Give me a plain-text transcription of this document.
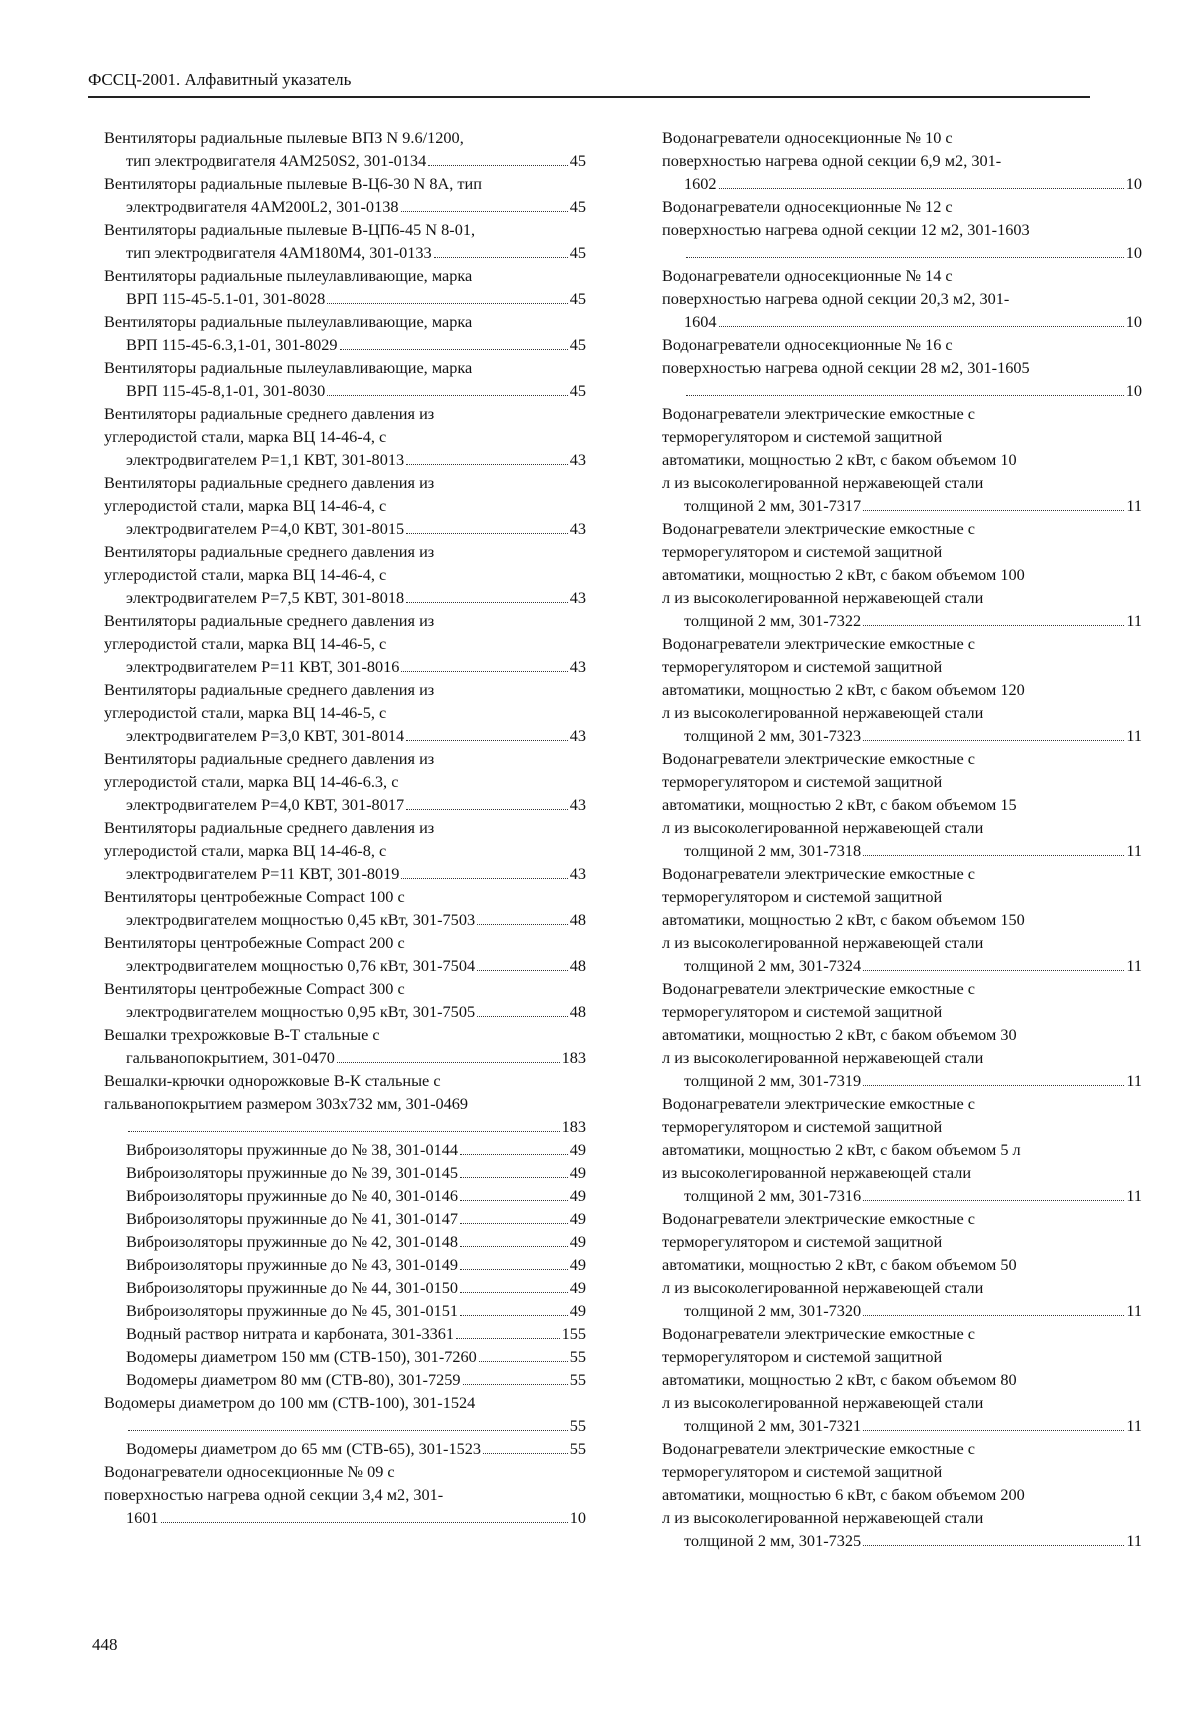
ФССЦ-2001. Алфавитный указатель
Вентиляторы радиальные пылевые ВПЗ N 9.6/1200,
тип электродвигателя 4АМ250S2, 301-0134	45
Вентиляторы радиальные пылевые В-Ц6-30 N 8А, тип
электродвигателя 4АМ200L2, 301-0138	45
Вентиляторы радиальные пылевые В-ЦП6-45 N 8-01,
тип электродвигателя 4АМ180М4, 301-0133	45
Вентиляторы радиальные пылеулавливающие, марка
ВРП 115-45-5.1-01, 301-8028	45
Вентиляторы радиальные пылеулавливающие, марка
ВРП 115-45-6.3,1-01, 301-8029	45
Вентиляторы радиальные пылеулавливающие, марка
ВРП 115-45-8,1-01, 301-8030	45
Вентиляторы радиальные среднего давления из
углеродистой стали, марка ВЦ 14-46-4, с
электродвигателем Р=1,1 КВТ, 301-8013	43
Вентиляторы радиальные среднего давления из
углеродистой стали, марка ВЦ 14-46-4, с
электродвигателем Р=4,0 КВТ, 301-8015	43
Вентиляторы радиальные среднего давления из
углеродистой стали, марка ВЦ 14-46-4, с
электродвигателем Р=7,5 КВТ, 301-8018	43
Вентиляторы радиальные среднего давления из
углеродистой стали, марка ВЦ 14-46-5, с
электродвигателем Р=11 КВТ, 301-8016	43
Вентиляторы радиальные среднего давления из
углеродистой стали, марка ВЦ 14-46-5, с
электродвигателем Р=3,0 КВТ, 301-8014	43
Вентиляторы радиальные среднего давления из
углеродистой стали, марка ВЦ 14-46-6.3, с
электродвигателем Р=4,0 КВТ, 301-8017	43
Вентиляторы радиальные среднего давления из
углеродистой стали, марка ВЦ 14-46-8, с
электродвигателем Р=11 КВТ, 301-8019	43
Вентиляторы центробежные Compact 100 с
электродвигателем мощностью 0,45 кВт, 301-7503	48
Вентиляторы центробежные Compact 200 с
электродвигателем мощностью 0,76 кВт, 301-7504	48
Вентиляторы центробежные Compact 300 с
электродвигателем мощностью 0,95 кВт, 301-7505	48
Вешалки трехрожковые В-Т стальные с
гальванопокрытием, 301-0470	183
Вешалки-крючки однорожковые В-К стальные с
гальванопокрытием размером 303х732 мм, 301-0469
183
Виброизоляторы пружинные до № 38, 301-0144	49
Виброизоляторы пружинные до № 39, 301-0145	49
Виброизоляторы пружинные до № 40, 301-0146	49
Виброизоляторы пружинные до № 41, 301-0147	49
Виброизоляторы пружинные до № 42, 301-0148	49
Виброизоляторы пружинные до № 43, 301-0149	49
Виброизоляторы пружинные до № 44, 301-0150	49
Виброизоляторы пружинные до № 45, 301-0151	49
Водный раствор нитрата и карбоната, 301-3361	155
Водомеры диаметром 150 мм (СТВ-150), 301-7260	55
Водомеры диаметром 80 мм (СТВ-80), 301-7259	55
Водомеры диаметром до 100 мм (СТВ-100), 301-1524
55
Водомеры диаметром до 65 мм (СТВ-65), 301-1523	55
Водонагреватели односекционные № 09 с
поверхностью нагрева одной секции 3,4 м2, 301-
1601	10
Водонагреватели односекционные № 10 с
поверхностью нагрева одной секции 6,9 м2, 301-
1602	10
Водонагреватели односекционные № 12 с
поверхностью нагрева одной секции 12 м2, 301-1603
10
Водонагреватели односекционные № 14 с
поверхностью нагрева одной секции 20,3 м2, 301-
1604	10
Водонагреватели односекционные № 16 с
поверхностью нагрева одной секции 28 м2, 301-1605
10
Водонагреватели электрические емкостные с
терморегулятором и системой защитной
автоматики, мощностью 2 кВт, с баком объемом 10
л из высоколегированной нержавеющей стали
толщиной 2 мм, 301-7317	11
Водонагреватели электрические емкостные с
терморегулятором и системой защитной
автоматики, мощностью 2 кВт, с баком объемом 100
л из высоколегированной нержавеющей стали
толщиной 2 мм, 301-7322	11
Водонагреватели электрические емкостные с
терморегулятором и системой защитной
автоматики, мощностью 2 кВт, с баком объемом 120
л из высоколегированной нержавеющей стали
толщиной 2 мм, 301-7323	11
Водонагреватели электрические емкостные с
терморегулятором и системой защитной
автоматики, мощностью 2 кВт, с баком объемом 15
л из высоколегированной нержавеющей стали
толщиной 2 мм, 301-7318	11
Водонагреватели электрические емкостные с
терморегулятором и системой защитной
автоматики, мощностью 2 кВт, с баком объемом 150
л из высоколегированной нержавеющей стали
толщиной 2 мм, 301-7324	11
Водонагреватели электрические емкостные с
терморегулятором и системой защитной
автоматики, мощностью 2 кВт, с баком объемом 30
л из высоколегированной нержавеющей стали
толщиной 2 мм, 301-7319	11
Водонагреватели электрические емкостные с
терморегулятором и системой защитной
автоматики, мощностью 2 кВт, с баком объемом 5 л
из высоколегированной нержавеющей стали
толщиной 2 мм, 301-7316	11
Водонагреватели электрические емкостные с
терморегулятором и системой защитной
автоматики, мощностью 2 кВт, с баком объемом 50
л из высоколегированной нержавеющей стали
толщиной 2 мм, 301-7320	11
Водонагреватели электрические емкостные с
терморегулятором и системой защитной
автоматики, мощностью 2 кВт, с баком объемом 80
л из высоколегированной нержавеющей стали
толщиной 2 мм, 301-7321	11
Водонагреватели электрические емкостные с
терморегулятором и системой защитной
автоматики, мощностью 6 кВт, с баком объемом 200
л из высоколегированной нержавеющей стали
толщиной 2 мм, 301-7325	11
448
